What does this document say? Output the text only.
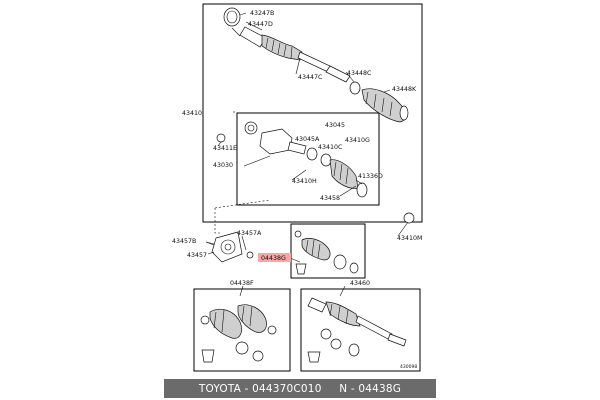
43247B
43447D
43447C
43448C
43448K
43410
43045
43045A
43410C
43410G
43411E
43030
41336D
43410H
43458
43410M
43457A
43457B
43457	04438G
04438F	43460
430098
TOYOTA - 044370C010     N - 04438G
